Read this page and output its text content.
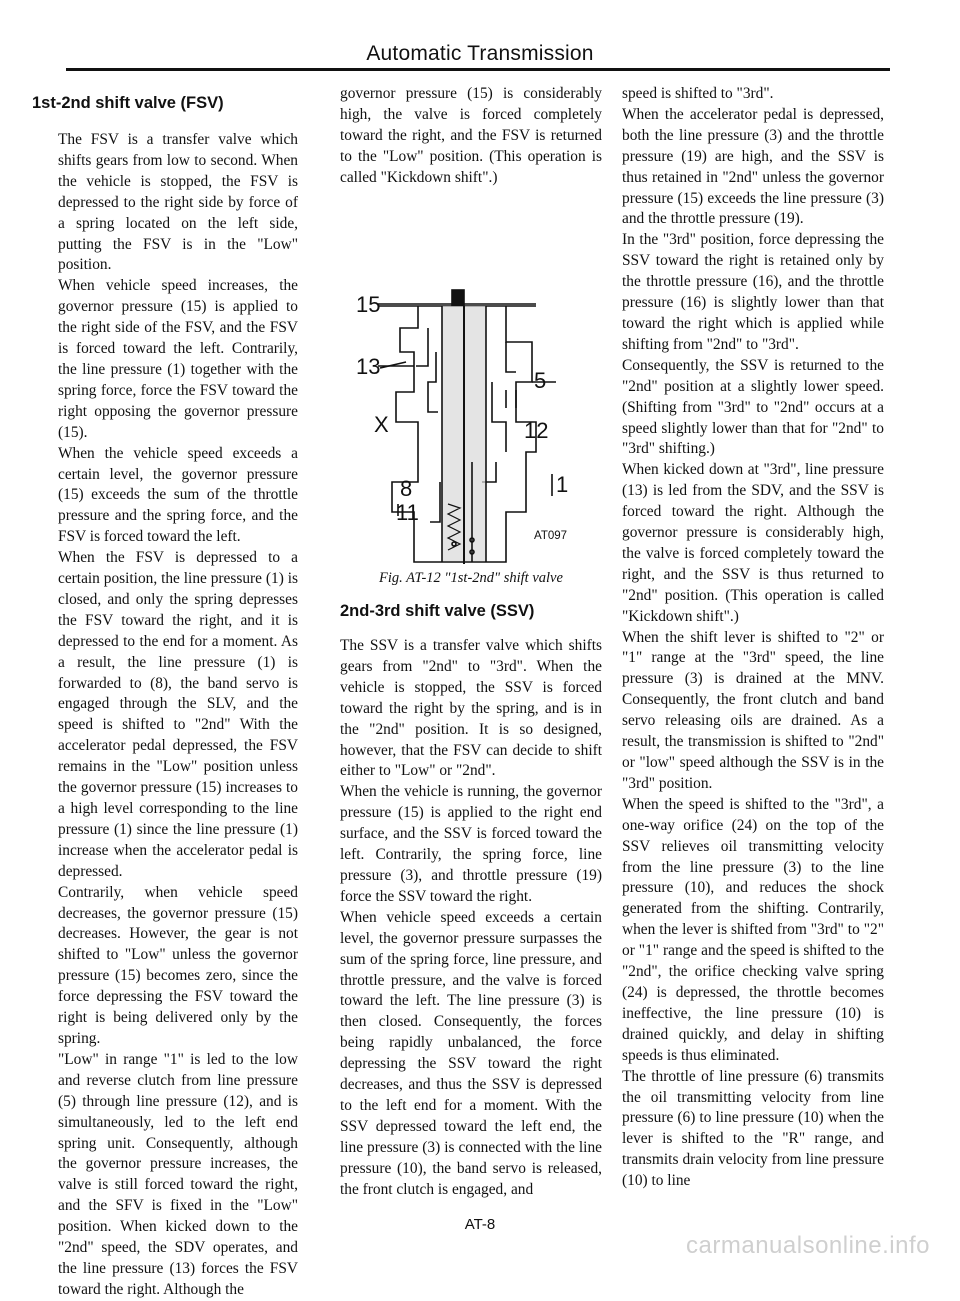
Automatic Transmission
1st-2nd shift valve (FSV)
The FSV is a transfer valve which shifts gears from low to second. When the vehicle is stopped, the FSV is depressed to the right side by force of a spring located on the left side, putting the FSV is in the "Low" position.
When vehicle speed increases, the governor pressure (15) is applied to the right side of the FSV, and the FSV is forced toward the left. Contrarily, the line pressure (1) together with the spring force, force the FSV toward the right opposing the governor pressure (15).
When the vehicle speed exceeds a certain level, the governor pressure (15) exceeds the sum of the throttle pressure and the spring force, and the FSV is forced toward the left.
When the FSV is depressed to a certain position, the line pressure (1) is closed, and only the spring depresses the FSV toward the right, and it is depressed to the end for a moment. As a result, the line pressure (1) is forwarded to (8), the band servo is engaged through the SLV, and the speed is shifted to "2nd" With the accelerator pedal depressed, the FSV remains in the "Low" position unless the governor pressure (15) increases to a high level corresponding to the line pressure (1) since the line pressure (1) increase when the accelerator pedal is depressed.
Contrarily, when vehicle speed decreases, the governor pressure (15) decreases. However, the gear is not shifted to "Low" unless the governor pressure (15) becomes zero, since the force depressing the FSV toward the right is being delivered only by the spring.
"Low" in range "1" is led to the low and reverse clutch from line pressure (5) through line pressure (12), and is simultaneously, led to the left end spring unit. Consequently, although the governor pressure increases, the valve is still forced toward the right, and the SFV is fixed in the "Low" position. When kicked down to the "2nd" speed, the SDV operates, and the line pressure (13) forces the FSV toward the right. Although the
governor pressure (15) is considerably high, the valve is forced completely toward the right, and the FSV is returned to the "Low" position. (This operation is called "Kickdown shift".)
2nd-3rd shift valve (SSV)
The SSV is a transfer valve which shifts gears from "2nd" to "3rd". When the vehicle is stopped, the SSV is forced toward the right by the spring, and is in the "2nd" position. It is so designed, however, that the FSV can decide to shift either to "Low" or "2nd".
When the vehicle is running, the governor pressure (15) is applied to the right end surface, and the SSV is forced toward the left. Contrarily, the spring force, line pressure (3), and throttle pressure (19) force the SSV toward the right.
When vehicle speed exceeds a certain level, the governor pressure surpasses the sum of the spring force, line pressure, and throttle pressure, and the valve is forced toward the left. The line pressure (3) is then closed. Consequently, the forces being rapidly unbalanced, the force depressing the SSV toward the right decreases, and thus the SSV is depressed to the left end for a moment. With the SSV depressed toward the left end, the line pressure (3) is connected with the line pressure (10), the band servo is released, the front clutch is engaged, and
15
13
5
12
X
1
8
11
AT097
Fig. AT-12 "1st-2nd" shift valve
speed is shifted to "3rd".
When the accelerator pedal is depressed, both the line pressure (3) and the throttle pressure (19) are high, and the SSV is thus retained in "2nd" unless the governor pressure (15) exceeds the line pressure (3) and the throttle pressure (19).
In the "3rd" position, force depressing the SSV toward the right is retained only by the throttle pressure (16), and the throttle pressure (16) is slightly lower than that toward the right which is applied while shifting from "2nd" to "3rd".
Consequently, the SSV is returned to the "2nd" position at a slightly lower speed. (Shifting from "3rd" to "2nd" occurs at a speed slightly lower than that for "2nd" to "3rd" shifting.)
When kicked down at "3rd", line pressure (13) is led from the SDV, and the SSV is forced toward the right. Although the governor pressure is considerably high, the valve is forced completely toward the right, and the SSV is thus returned to "2nd" position. (This operation is called "Kickdown shift".)
When the shift lever is shifted to "2" or "1" range at the "3rd" speed, the line pressure (3) is drained at the MNV. Consequently, the front clutch and band servo releasing oils are drained. As a result, the transmission is shifted to "2nd" or "low" speed although the SSV is in the "3rd" position.
When the speed is shifted to the "3rd", a one-way orifice (24) on the top of the SSV relieves oil transmitting velocity from the line pressure (3) to the line pressure (10), and reduces the shock generated from the shifting. Contrarily, when the lever is shifted from "3rd" to "2" or "1" range and the speed is shifted to the "2nd", the orifice checking valve spring (24) is depressed, the throttle becomes ineffective, the line pressure (10) is drained quickly, and delay in shifting speeds is thus eliminated.
The throttle of line pressure (6) transmits the oil transmitting velocity from line pressure (6) to line pressure (10) when the lever is shifted to the "R" range, and transmits drain velocity from line pressure (10) to line
AT-8
carmanualsonline.info
